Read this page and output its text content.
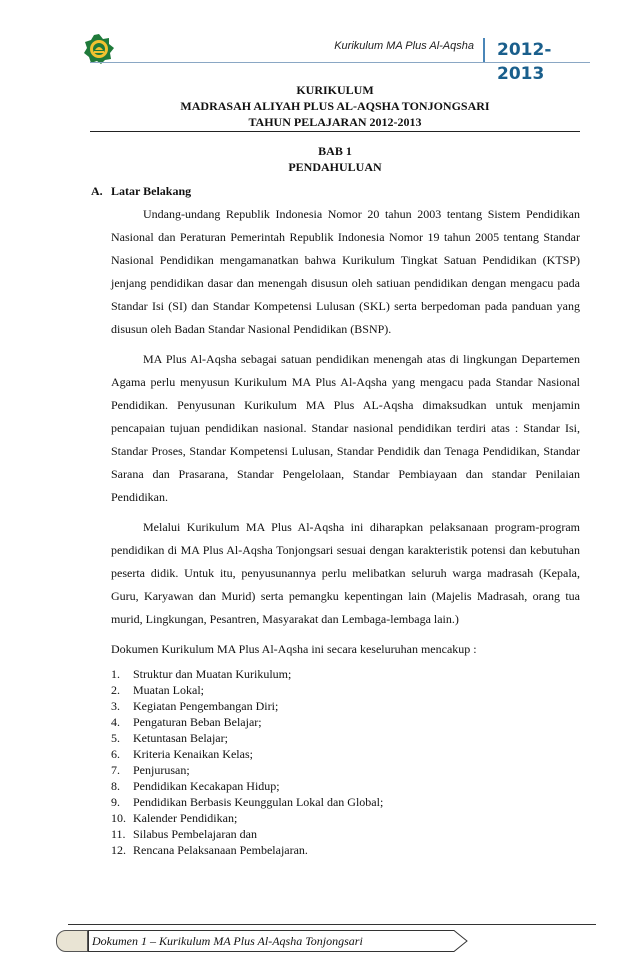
Kurikulum MA Plus Al-Aqsha	2012-2013
KURIKULUM
MADRASAH ALIYAH PLUS AL-AQSHA TONJONGSARI
TAHUN PELAJARAN 2012-2013
BAB 1
PENDAHULUAN
A. Latar Belakang

Undang-undang Republik Indonesia Nomor 20 tahun 2003 tentang Sistem Pendidikan Nasional dan Peraturan Pemerintah Republik Indonesia Nomor 19 tahun 2005 tentang Standar Nasional Pendidikan mengamanatkan bahwa Kurikulum Tingkat Satuan Pendidikan (KTSP) jenjang pendidikan dasar dan menengah disusun oleh satiuan pendidikan dengan mengacu pada Standar Isi (SI) dan Standar Kompetensi Lulusan (SKL) serta berpedoman pada panduan yang disusun oleh Badan Standar Nasional Pendidikan (BSNP).

MA Plus Al-Aqsha sebagai satuan pendidikan menengah atas di lingkungan Departemen Agama perlu menyusun Kurikulum MA Plus Al-Aqsha yang mengacu pada Standar Nasional Pendidikan. Penyusunan Kurikulum MA Plus AL-Aqsha dimaksudkan untuk menjamin pencapaian tujuan pendidikan nasional. Standar nasional pendidikan terdiri atas : Standar Isi, Standar Proses, Standar Kompetensi Lulusan, Standar Pendidik dan Tenaga Pendidikan, Standar Sarana dan Prasarana, Standar Pengelolaan, Standar Pembiayaan dan standar Penilaian Pendidikan.

Melalui Kurikulum MA Plus Al-Aqsha ini diharapkan pelaksanaan program-program pendidikan di MA Plus Al-Aqsha Tonjongsari sesuai dengan karakteristik potensi dan kebutuhan peserta didik. Untuk itu, penyusunannya perlu melibatkan seluruh warga madrasah (Kepala, Guru, Karyawan dan Murid) serta pemangku kepentingan lain (Majelis Madrasah, orang tua murid, Lingkungan, Pesantren, Masyarakat dan Lembaga-lembaga lain.)

Dokumen Kurikulum MA Plus Al-Aqsha ini secara keseluruhan mencakup :

1. Struktur dan Muatan Kurikulum;
2. Muatan Lokal;
3. Kegiatan Pengembangan Diri;
4. Pengaturan Beban Belajar;
5. Ketuntasan Belajar;
6. Kriteria Kenaikan Kelas;
7. Penjurusan;
8. Pendidikan Kecakapan Hidup;
9. Pendidikan Berbasis Keunggulan Lokal dan Global;
10. Kalender Pendidikan;
11. Silabus Pembelajaran dan
12. Rencana Pelaksanaan Pembelajaran.
Dokumen 1 – Kurikulum MA Plus Al-Aqsha Tonjongsari
